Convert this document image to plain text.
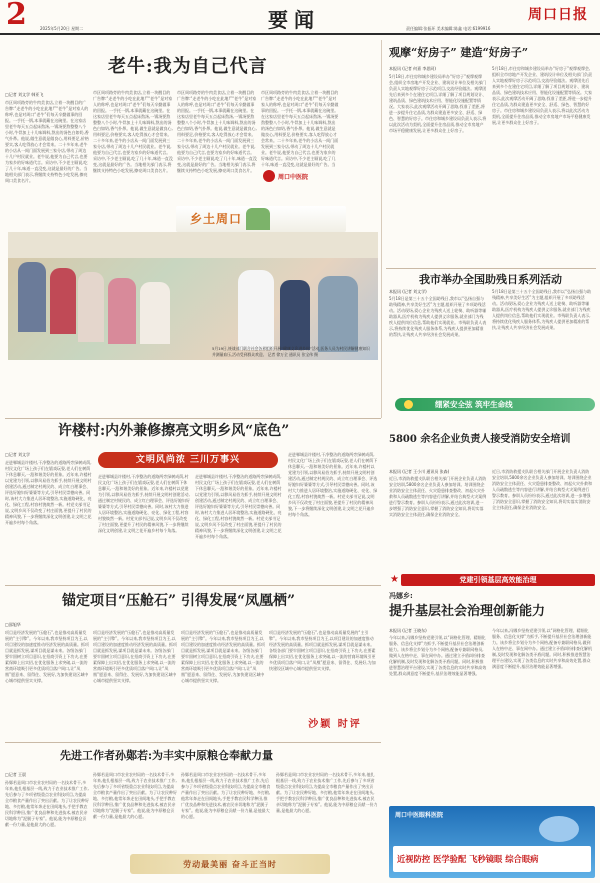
2	2025年5月20日 星期二	要闻	责任编辑:张振环 美术编辑:陈鑫 电话:6199916
周口日报
老牛:我为自己代言
□记者 刘文学 韩亚飞
市区周项路旁的牛肉美食店,立着一块醒目的广告牌:“走老牛的小吃在此地!”“老牛”是对家人的称呼,也是对周口“老牛”们每天辛勤做事的回报。一手托一锅,本事就藏在这碗里。在这家店里老牛每天五点起床熬汤,一锅汤要熬整整八个小时,牛骨加上十几味调料,熬出的汤色白如奶,香气扑鼻。他说,做生意就是做良心,用料要足,价格要实,客人吃得放心才会常来。二十多年来,老牛的小店从一间门面发展到三家分店,带动了周边十几户村民就业。老牛说,他要为自己代言,也要为家乡的好味道代言。采访中,不少老主顾说,吃了几十年,味道一直没变,这就是最好的广告。当地相关部门表示,将继续支持特色小吃发展,擦亮周口美食名片。
市区周项路旁的牛肉美食店,立着一块醒目的广告牌:“走老牛的小吃在此地!”“老牛”是对家人的称呼,也是对周口“老牛”们每天辛勤做事的回报。一手托一锅,本事就藏在这碗里。在这家店里老牛每天五点起床熬汤,一锅汤要熬整整八个小时,牛骨加上十几味调料,熬出的汤色白如奶,香气扑鼻。他说,做生意就是做良心,用料要足,价格要实,客人吃得放心才会常来。二十多年来,老牛的小店从一间门面发展到三家分店,带动了周边十几户村民就业。老牛说,他要为自己代言,也要为家乡的好味道代言。采访中,不少老主顾说,吃了几十年,味道一直没变,这就是最好的广告。当地相关部门表示,将继续支持特色小吃发展,擦亮周口美食名片。
市区周项路旁的牛肉美食店,立着一块醒目的广告牌:“走老牛的小吃在此地!”“老牛”是对家人的称呼,也是对周口“老牛”们每天辛勤做事的回报。一手托一锅,本事就藏在这碗里。在这家店里老牛每天五点起床熬汤,一锅汤要熬整整八个小时,牛骨加上十几味调料,熬出的汤色白如奶,香气扑鼻。他说,做生意就是做良心,用料要足,价格要实,客人吃得放心才会常来。二十多年来,老牛的小店从一间门面发展到三家分店,带动了周边十几户村民就业。老牛说,他要为自己代言,也要为家乡的好味道代言。采访中,不少老主顾说,吃了几十年,味道一直没变,这就是最好的广告。当地相关部门表示,将继续支持特色小吃发展,擦亮周口美食名片。
市区周项路旁的牛肉美食店,立着一块醒目的广告牌:“走老牛的小吃在此地!”“老牛”是对家人的称呼,也是对周口“老牛”们每天辛勤做事的回报。一手托一锅,本事就藏在这碗里。在这家店里老牛每天五点起床熬汤,一锅汤要熬整整八个小时,牛骨加上十几味调料,熬出的汤色白如奶,香气扑鼻。他说,做生意就是做良心,用料要足,价格要实,客人吃得放心才会常来。二十多年来,老牛的小店从一间门面发展到三家分店,带动了周边十几户村民就业。老牛说,他要为自己代言,也要为家乡的好味道代言。采访中,不少老主顾说,吃了几十年,味道一直没变,这就是最好的广告。当
周口中医院
乡土周口
5月19日,统战部门联合社会各界组织开展“健康义诊进乡村”活动,医务人员为村民讲解健康知识并测量血压,活动受到群众欢迎。 记者 徐万全 通讯员 张宝伟 摄
观摩“好房子” 建造“好房子”
本报讯 (记者 何嘉 李思同)
5月18日,市住房和城乡建设局举办“好房子”观摩观摩会,组织全市房地产开发企业、建筑设计单位及相关部门负责人实地观摩好房子示范项目,交流经验做法。观摩团先后来到多个在建住宅项目,详细了解了项目规划设计、建筑品质、绿色建筑技术应用、智能化设施配置等情况。大家表示,此次观摩活动开阔了思路,找准了差距,将进一步提升住宅品质,为群众建造更多安全、舒适、绿色、智慧的好房子。市住房和城乡建设局负责人表示,将以此次活动为契机,全面提升住房品质,推动全市房地产市场平稳健康发展,让更多群众住上好房子。
5月18日,市住房和城乡建设局举办“好房子”观摩观摩会,组织全市房地产开发企业、建筑设计单位及相关部门负责人实地观摩好房子示范项目,交流经验做法。观摩团先后来到多个在建住宅项目,详细了解了项目规划设计、建筑品质、绿色建筑技术应用、智能化设施配置等情况。大家表示,此次观摩活动开阔了思路,找准了差距,将进一步提升住宅品质,为群众建造更多安全、舒适、绿色、智慧的好房子。市住房和城乡建设局负责人表示,将以此次活动为契机,全面提升住房品质,推动全市房地产市场平稳健康发展,让更多群众住上好房子。
我市举办全国助残日系列活动
本报讯 (记者 刘文学)
5月18日是第三十五个全国助残日,我市以“弘扬自强与助残精神,共享美好生活”为主题,组织开展了多项助残活动。活动现场,爱心企业为残疾人送上轮椅、助听器等辅助器具,医疗机构为残疾人提供义诊服务,就业部门为残疾人提供岗位信息,帮助他们实现就业。市残联负责人表示,将持续优化残疾人服务体系,为残疾人提供更加精准的帮扶,让残疾人共享经济社会发展成果。
5月18日是第三十五个全国助残日,我市以“弘扬自强与助残精神,共享美好生活”为主题,组织开展了多项助残活动。活动现场,爱心企业为残疾人送上轮椅、助听器等辅助器具,医疗机构为残疾人提供义诊服务,就业部门为残疾人提供岗位信息,帮助他们实现就业。市残联负责人表示,将持续优化残疾人服务体系,为残疾人提供更加精准的帮扶,让残疾人共享经济社会发展成果。
绷紧安全弦 筑牢生命线
5800 余名企业负责人接受消防安全培训
本报讯 (记者 王小川 通讯员 张森)
近日,市消防救援支队联合相关部门开展企业负责人消防安全培训,5800余名企业负责人参加培训。培训围绕企业消防安全主体责任、火灾隐患排查整改、初起火灾扑救和人员疏散逃生等内容进行讲解,并结合典型火灾案例进行警示教育。参训人员纷纷表示,通过此次培训,进一步增强了消防安全意识,掌握了消防安全知识,将切实落实消防安全主体责任,确保企业消防安全。
近日,市消防救援支队联合相关部门开展企业负责人消防安全培训,5800余名企业负责人参加培训。培训围绕企业消防安全主体责任、火灾隐患排查整改、初起火灾扑救和人员疏散逃生等内容进行讲解,并结合典型火灾案例进行警示教育。参训人员纷纷表示,通过此次培训,进一步增强了消防安全意识,掌握了消防安全知识,将切实落实消防安全主体责任,确保企业消防安全。
党建引领基层高效能治理
★
冯娜乡:
提升基层社会治理创新能力
本报讯 (记者 王晓东)
今年以来,冯娜乡坚持党建引领,以“网格化管理、精细化服务、信息化支撑”为抓手,不断提升基层社会治理创新能力。该乡将全乡划分为多个网格,配备专兼职网格员,做到人在格中走、事在网中办。通过建立矛盾纠纷排查化解机制,及时发现和化解各类矛盾问题。同时,积极推进智慧治理平台建设,实现了各类信息的实时共享和高效处置,群众满意度不断提升,基层治理效能显著增强。
今年以来,冯娜乡坚持党建引领,以“网格化管理、精细化服务、信息化支撑”为抓手,不断提升基层社会治理创新能力。该乡将全乡划分为多个网格,配备专兼职网格员,做到人在格中走、事在网中办。通过建立矛盾纠纷排查化解机制,及时发现和化解各类矛盾问题。同时,积极推进智慧治理平台建设,实现了各类信息的实时共享和高效处置,群众满意度不断提升,基层治理效能显著增强。
许楼村:内外兼修擦亮文明乡风“底色”
□记者 刘文学
走进郸城县许楼村,干净整洁的道路两旁绿树成荫,村民文化广场上孩子们在嬉戏玩耍,老人们在树荫下休息聊天,一派和谐美好的景象。近年来,许楼村以党建为引领,以移风易俗为抓手,持续开展文明村创建活动,通过制定村规民约、成立红白理事会、评选好媳妇好婆婆等方式,引导村民崇德向善。同时,该村大力推进人居环境整治,实施道路硬化、亮化、绿化工程,村容村貌焕然一新。村党支部书记说,文明乡风不仅改变了村庄面貌,更提升了村民的精神风貌,下一步将继续深化文明创建,让文明之花开遍乡村每个角落。
文明风尚浓 三川万事兴
走进郸城县许楼村,干净整洁的道路两旁绿树成荫,村民文化广场上孩子们在嬉戏玩耍,老人们在树荫下休息聊天,一派和谐美好的景象。近年来,许楼村以党建为引领,以移风易俗为抓手,持续开展文明村创建活动,通过制定村规民约、成立红白理事会、评选好媳妇好婆婆等方式,引导村民崇德向善。同时,该村大力推进人居环境整治,实施道路硬化、亮化、绿化工程,村容村貌焕然一新。村党支部书记说,文明乡风不仅改变了村庄面貌,更提升了村民的精神风貌,下一步将继续深化文明创建,让文明之花开遍乡村每个角落。
走进郸城县许楼村,干净整洁的道路两旁绿树成荫,村民文化广场上孩子们在嬉戏玩耍,老人们在树荫下休息聊天,一派和谐美好的景象。近年来,许楼村以党建为引领,以移风易俗为抓手,持续开展文明村创建活动,通过制定村规民约、成立红白理事会、评选好媳妇好婆婆等方式,引导村民崇德向善。同时,该村大力推进人居环境整治,实施道路硬化、亮化、绿化工程,村容村貌焕然一新。村党支部书记说,文明乡风不仅改变了村庄面貌,更提升了村民的精神风貌,下一步将继续深化文明创建,让文明之花开遍乡村每个角落。
走进郸城县许楼村,干净整洁的道路两旁绿树成荫,村民文化广场上孩子们在嬉戏玩耍,老人们在树荫下休息聊天,一派和谐美好的景象。近年来,许楼村以党建为引领,以移风易俗为抓手,持续开展文明村创建活动,通过制定村规民约、成立红白理事会、评选好媳妇好婆婆等方式,引导村民崇德向善。同时,该村大力推进人居环境整治,实施道路硬化、亮化、绿化工程,村容村貌焕然一新。村党支部书记说,文明乡风不仅改变了村庄面貌,更提升了村民的精神风貌,下一步将继续深化文明创建,让文明之花开遍乡村每个角落。
锚定项目“压舱石” 引得发展“凤凰栖”
□邵旭华
项目是经济发展的“压舱石”,也是推动高质量发展的“主引擎”。今年以来,我市坚持项目为王,以项目建设的加速度推动经济发展的高质量。抓项目就是抓发展,谋项目就是谋未来。各级各部门要牢固树立项目意识,在招商引资上下功夫,在要素保障上出实招,在优化服务上求突破,以一流的营商环境吸引更多优质项目落户周口,让“凤凰”愿意来、留得住、发展好,为加快建设区域中心城市提供坚实支撑。
项目是经济发展的“压舱石”,也是推动高质量发展的“主引擎”。今年以来,我市坚持项目为王,以项目建设的加速度推动经济发展的高质量。抓项目就是抓发展,谋项目就是谋未来。各级各部门要牢固树立项目意识,在招商引资上下功夫,在要素保障上出实招,在优化服务上求突破,以一流的营商环境吸引更多优质项目落户周口,让“凤凰”愿意来、留得住、发展好,为加快建设区域中心城市提供坚实支撑。
项目是经济发展的“压舱石”,也是推动高质量发展的“主引擎”。今年以来,我市坚持项目为王,以项目建设的加速度推动经济发展的高质量。抓项目就是抓发展,谋项目就是谋未来。各级各部门要牢固树立项目意识,在招商引资上下功夫,在要素保障上出实招,在优化服务上求突破,以一流的营商环境吸引更多优质项目落户周口,让“凤凰”愿意来、留得住、发展好,为加快建设区域中心城市提供坚实支撑。
项目是经济发展的“压舱石”,也是推动高质量发展的“主引擎”。今年以来,我市坚持项目为王,以项目建设的加速度推动经济发展的高质量。抓项目就是抓发展,谋项目就是谋未来。各级各部门要牢固树立项目意识,在招商引资上下功夫,在要素保障上出实招,在优化服务上求突破,以一流的营商环境吸引更多优质项目落户周口,让“凤凰”愿意来、留得住、发展好,为加快建设区域中心城市提供坚实支撑。
沙颖 时评
先进工作者孙鄚若:为丰实中原粮仓奉献力量
□记者 王晨
孙鄚若是周口市农业农村局的一名技术骨干,多年来,他扎根基层一线,致力于农业技术推广工作,先后参与了多项省级重点农业科技项目,为提高全市粮食产量作出了突出贡献。为了让农民种好地、多打粮,他常年奔走在田间地头,手把手教农民科学种田,推广优良品种和先进技术,被农民亲切地称为“泥腿子专家”。他说,能为中原粮仓贡献一份力量,是他最大的心愿。
孙鄚若是周口市农业农村局的一名技术骨干,多年来,他扎根基层一线,致力于农业技术推广工作,先后参与了多项省级重点农业科技项目,为提高全市粮食产量作出了突出贡献。为了让农民种好地、多打粮,他常年奔走在田间地头,手把手教农民科学种田,推广优良品种和先进技术,被农民亲切地称为“泥腿子专家”。他说,能为中原粮仓贡献一份力量,是他最大的心愿。
孙鄚若是周口市农业农村局的一名技术骨干,多年来,他扎根基层一线,致力于农业技术推广工作,先后参与了多项省级重点农业科技项目,为提高全市粮食产量作出了突出贡献。为了让农民种好地、多打粮,他常年奔走在田间地头,手把手教农民科学种田,推广优良品种和先进技术,被农民亲切地称为“泥腿子专家”。他说,能为中原粮仓贡献一份力量,是他最大的心愿。
孙鄚若是周口市农业农村局的一名技术骨干,多年来,他扎根基层一线,致力于农业技术推广工作,先后参与了多项省级重点农业科技项目,为提高全市粮食产量作出了突出贡献。为了让农民种好地、多打粮,他常年奔走在田间地头,手把手教农民科学种田,推广优良品种和先进技术,被农民亲切地称为“泥腿子专家”。他说,能为中原粮仓贡献一份力量,是他最大的心愿。
劳动最美丽 奋斗正当时
周口中医眼科医院
近视防控 医学验配 飞秒镜眼 综合眼病
